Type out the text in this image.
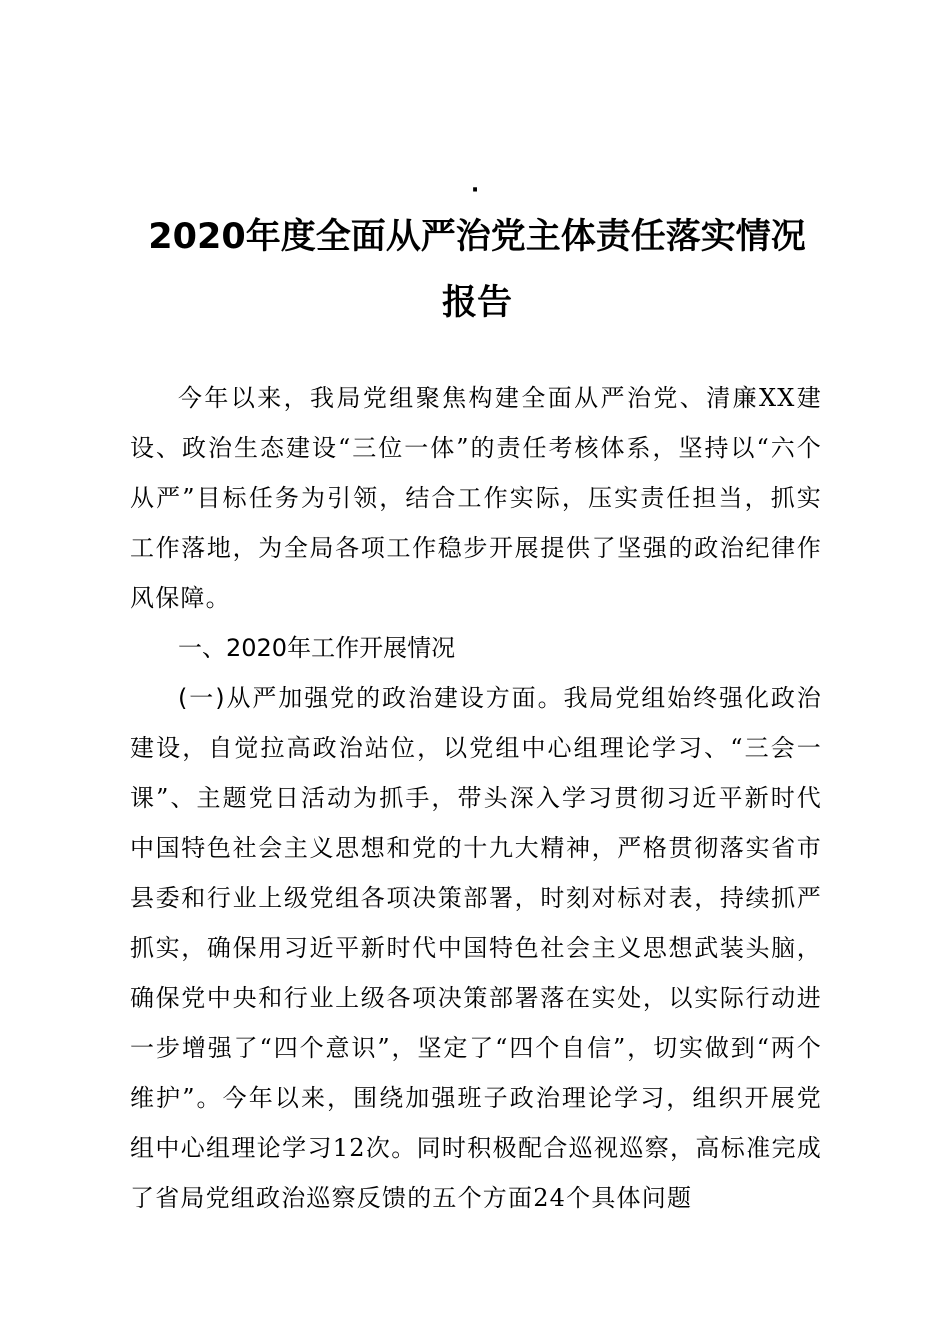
·
2020年度全面从严治党主体责任落实情况报告

今年以来，我局党组聚焦构建全面从严治党、清廉XX建设、政治生态建设“三位一体”的责任考核体系，坚持以“六个从严”目标任务为引领，结合工作实际，压实责任担当，抓实工作落地，为全局各项工作稳步开展提供了坚强的政治纪律作风保障。

一、2020年工作开展情况

(一)从严加强党的政治建设方面。我局党组始终强化政治建设，自觉拉高政治站位，以党组中心组理论学习、“三会一课”、主题党日活动为抓手，带头深入学习贯彻习近平新时代中国特色社会主义思想和党的十九大精神，严格贯彻落实省市县委和行业上级党组各项决策部署，时刻对标对表，持续抓严抓实，确保用习近平新时代中国特色社会主义思想武装头脑，确保党中央和行业上级各项决策部署落在实处，以实际行动进一步增强了“四个意识”，坚定了“四个自信”，切实做到“两个维护”。今年以来，围绕加强班子政治理论学习，组织开展党组中心组理论学习12次。同时积极配合巡视巡察，高标准完成了省局党组政治巡察反馈的五个方面24个具体问题
